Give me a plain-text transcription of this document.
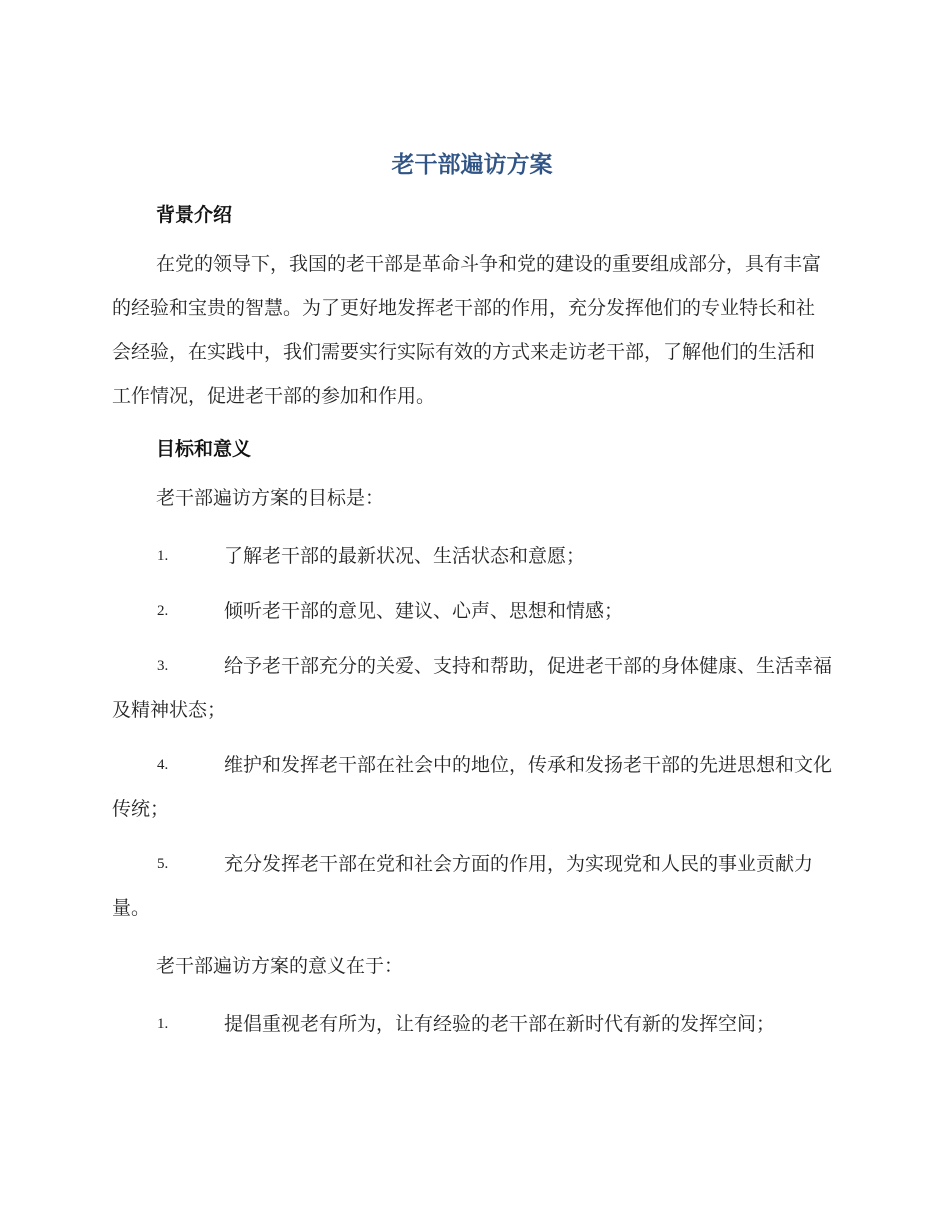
老干部遍访方案
背景介绍

在党的领导下，我国的老干部是革命斗争和党的建设的重要组成部分，具有丰富的经验和宝贵的智慧。为了更好地发挥老干部的作用，充分发挥他们的专业特长和社会经验，在实践中，我们需要实行实际有效的方式来走访老干部，了解他们的生活和工作情况，促进老干部的参加和作用。

目标和意义

老干部遍访方案的目标是：

1.	了解老干部的最新状况、生活状态和意愿；
2.	倾听老干部的意见、建议、心声、思想和情感；
3.	给予老干部充分的关爱、支持和帮助，促进老干部的身体健康、生活幸福及精神状态；
4.	维护和发挥老干部在社会中的地位，传承和发扬老干部的先进思想和文化传统；
5.	充分发挥老干部在党和社会方面的作用，为实现党和人民的事业贡献力量。

老干部遍访方案的意义在于：

1.	提倡重视老有所为，让有经验的老干部在新时代有新的发挥空间；
